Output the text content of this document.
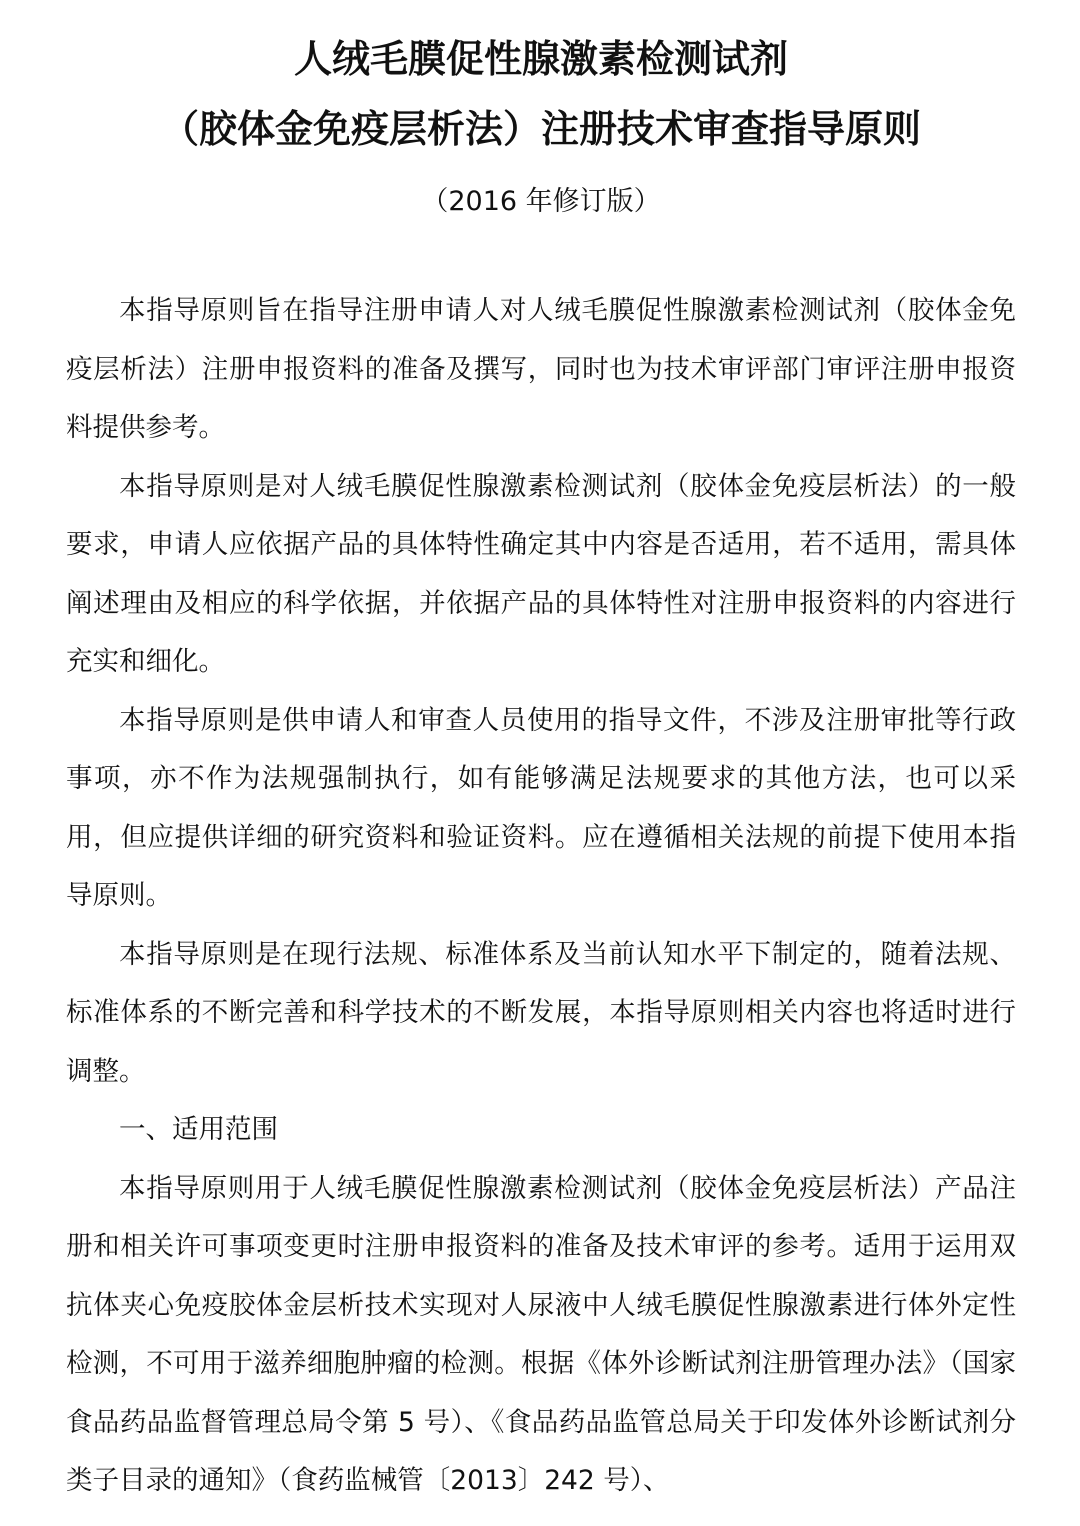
人绒毛膜促性腺激素检测试剂
（胶体金免疫层析法）注册技术审查指导原则
（2016 年修订版）

本指导原则旨在指导注册申请人对人绒毛膜促性腺激素检测试剂（胶体金免疫层析法）注册申报资料的准备及撰写，同时也为技术审评部门审评注册申报资料提供参考。

本指导原则是对人绒毛膜促性腺激素检测试剂（胶体金免疫层析法）的一般要求，申请人应依据产品的具体特性确定其中内容是否适用，若不适用，需具体阐述理由及相应的科学依据，并依据产品的具体特性对注册申报资料的内容进行充实和细化。

本指导原则是供申请人和审查人员使用的指导文件，不涉及注册审批等行政事项，亦不作为法规强制执行，如有能够满足法规要求的其他方法，也可以采用，但应提供详细的研究资料和验证资料。应在遵循相关法规的前提下使用本指导原则。

本指导原则是在现行法规、标准体系及当前认知水平下制定的，随着法规、标准体系的不断完善和科学技术的不断发展，本指导原则相关内容也将适时进行调整。

一、适用范围

本指导原则用于人绒毛膜促性腺激素检测试剂（胶体金免疫层析法）产品注册和相关许可事项变更时注册申报资料的准备及技术审评的参考。适用于运用双抗体夹心免疫胶体金层析技术实现对人尿液中人绒毛膜促性腺激素进行体外定性检测，不可用于滋养细胞肿瘤的检测。根据《体外诊断试剂注册管理办法》（国家食品药品监督管理总局令第 5 号）、《食品药品监管总局关于印发体外诊断试剂分类子目录的通知》（食药监械管〔2013〕242 号）、
